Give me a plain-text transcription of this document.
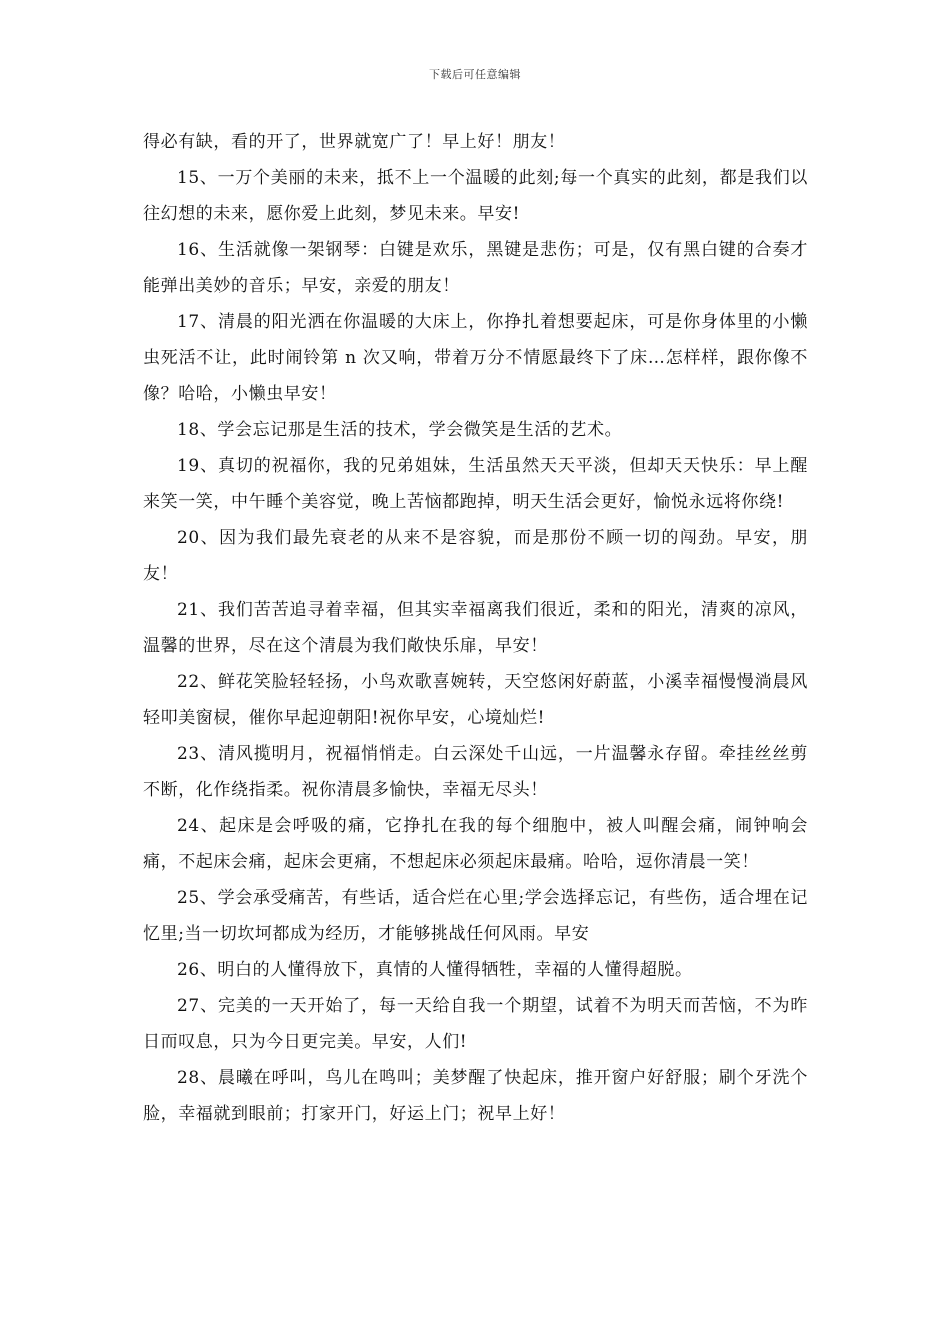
下载后可任意编辑

得必有缺，看的开了，世界就宽广了！早上好！朋友！

15、一万个美丽的未来，抵不上一个温暖的此刻;每一个真实的此刻，都是我们以往幻想的未来，愿你爱上此刻，梦见未来。早安!

16、生活就像一架钢琴：白键是欢乐，黑键是悲伤；可是，仅有黑白键的合奏才能弹出美妙的音乐；早安，亲爱的朋友！

17、清晨的阳光洒在你温暖的大床上，你挣扎着想要起床，可是你身体里的小懒虫死活不让，此时闹铃第 n 次又响，带着万分不情愿最终下了床…怎样样，跟你像不像？哈哈，小懒虫早安！

18、学会忘记那是生活的技术，学会微笑是生活的艺术。

19、真切的祝福你，我的兄弟姐妹，生活虽然天天平淡，但却天天快乐：早上醒来笑一笑，中午睡个美容觉，晚上苦恼都跑掉，明天生活会更好，愉悦永远将你绕!

20、因为我们最先衰老的从来不是容貌，而是那份不顾一切的闯劲。早安，朋友！

21、我们苦苦追寻着幸福，但其实幸福离我们很近，柔和的阳光，清爽的凉风，温馨的世界，尽在这个清晨为我们敞快乐扉，早安！

22、鲜花笑脸轻轻扬，小鸟欢歌喜婉转，天空悠闲好蔚蓝，小溪幸福慢慢淌晨风轻叩美窗棂，催你早起迎朝阳!祝你早安，心境灿烂!

23、清风揽明月，祝福悄悄走。白云深处千山远，一片温馨永存留。牵挂丝丝剪不断，化作绕指柔。祝你清晨多愉快，幸福无尽头！

24、起床是会呼吸的痛，它挣扎在我的每个细胞中，被人叫醒会痛，闹钟响会痛，不起床会痛，起床会更痛，不想起床必须起床最痛。哈哈，逗你清晨一笑！

25、学会承受痛苦，有些话，适合烂在心里;学会选择忘记，有些伤，适合埋在记忆里;当一切坎坷都成为经历，才能够挑战任何风雨。早安

26、明白的人懂得放下，真情的人懂得牺牲，幸福的人懂得超脱。

27、完美的一天开始了，每一天给自我一个期望，试着不为明天而苦恼，不为昨日而叹息，只为今日更完美。早安，人们!

28、晨曦在呼叫，鸟儿在鸣叫；美梦醒了快起床，推开窗户好舒服；刷个牙洗个脸，幸福就到眼前；打家开门，好运上门；祝早上好！
